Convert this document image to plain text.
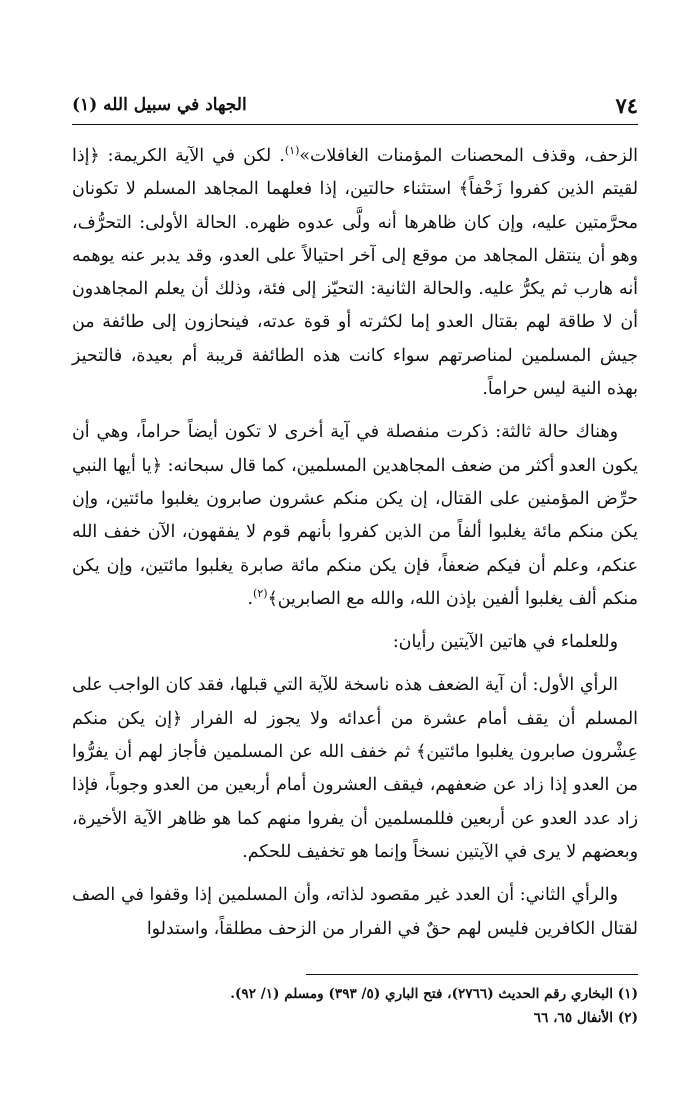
٧٤
الجهاد في سبيل الله (١)

الزحف، وقذف المحصنات المؤمنات الغافلات»$^{(١)}$. لكن في الآية الكريمة: ﴿إذا لقيتم الذين كفروا زَحْفاً﴾ استثناء حالتين، إذا فعلهما المجاهد المسلم لا تكونان محرَّمتين عليه، وإن كان ظاهرها أنه ولَّى عدوه ظهره. الحالة الأولى: التحرُّف، وهو أن ينتقل المجاهد من موقع إلى آخر احتيالاً على العدو، وقد يدبر عنه يوهمه أنه هارب ثم يكرُّ عليه. والحالة الثانية: التحيّز إلى فئة، وذلك أن يعلم المجاهدون أن لا طاقة لهم بقتال العدو إما لكثرته أو قوة عدته، فينحازون إلى طائفة من جيش المسلمين لمناصرتهم سواء كانت هذه الطائفة قريبة أم بعيدة، فالتحيز بهذه النية ليس حراماً.

وهناك حالة ثالثة: ذكرت منفصلة في آية أخرى لا تكون أيضاً حراماً، وهي أن يكون العدو أكثر من ضعف المجاهدين المسلمين، كما قال سبحانه: ﴿يا أيها النبي حرِّض المؤمنين على القتال، إن يكن منكم عشرون صابرون يغلبوا مائتين، وإن يكن منكم مائة يغلبوا ألفاً من الذين كفروا بأنهم قوم لا يفقهون، الآن خفف الله عنكم، وعلم أن فيكم ضعفاً، فإن يكن منكم مائة صابرة يغلبوا مائتين، وإن يكن منكم ألف يغلبوا ألفين بإذن الله، والله مع الصابرين﴾$^{(٢)}$.

وللعلماء في هاتين الآيتين رأيان:

الرأي الأول: أن آية الضعف هذه ناسخة للآية التي قبلها، فقد كان الواجب على المسلم أن يقف أمام عشرة من أعدائه ولا يجوز له الفرار ﴿إن يكن منكم عِشْرون صابرون يغلبوا مائتين﴾ ثم خفف الله عن المسلمين فأجاز لهم أن يفرُّوا من العدو إذا زاد عن ضعفهم، فيقف العشرون أمام أربعين من العدو وجوباً، فإذا زاد عدد العدو عن أربعين فللمسلمين أن يفروا منهم كما هو ظاهر الآية الأخيرة، وبعضهم لا يرى في الآيتين نسخاً وإنما هو تخفيف للحكم.

والرأي الثاني: أن العدد غير مقصود لذاته، وأن المسلمين إذا وقفوا في الصف لقتال الكافرين فليس لهم حقٌ في الفرار من الزحف مطلقاً، واستدلوا

(١) البخاري رقم الحديث (٢٧٦٦)، فتح الباري (٥/ ٣٩٣) ومسلم (١/ ٩٢).
(٢) الأنفال ٦٥، ٦٦
